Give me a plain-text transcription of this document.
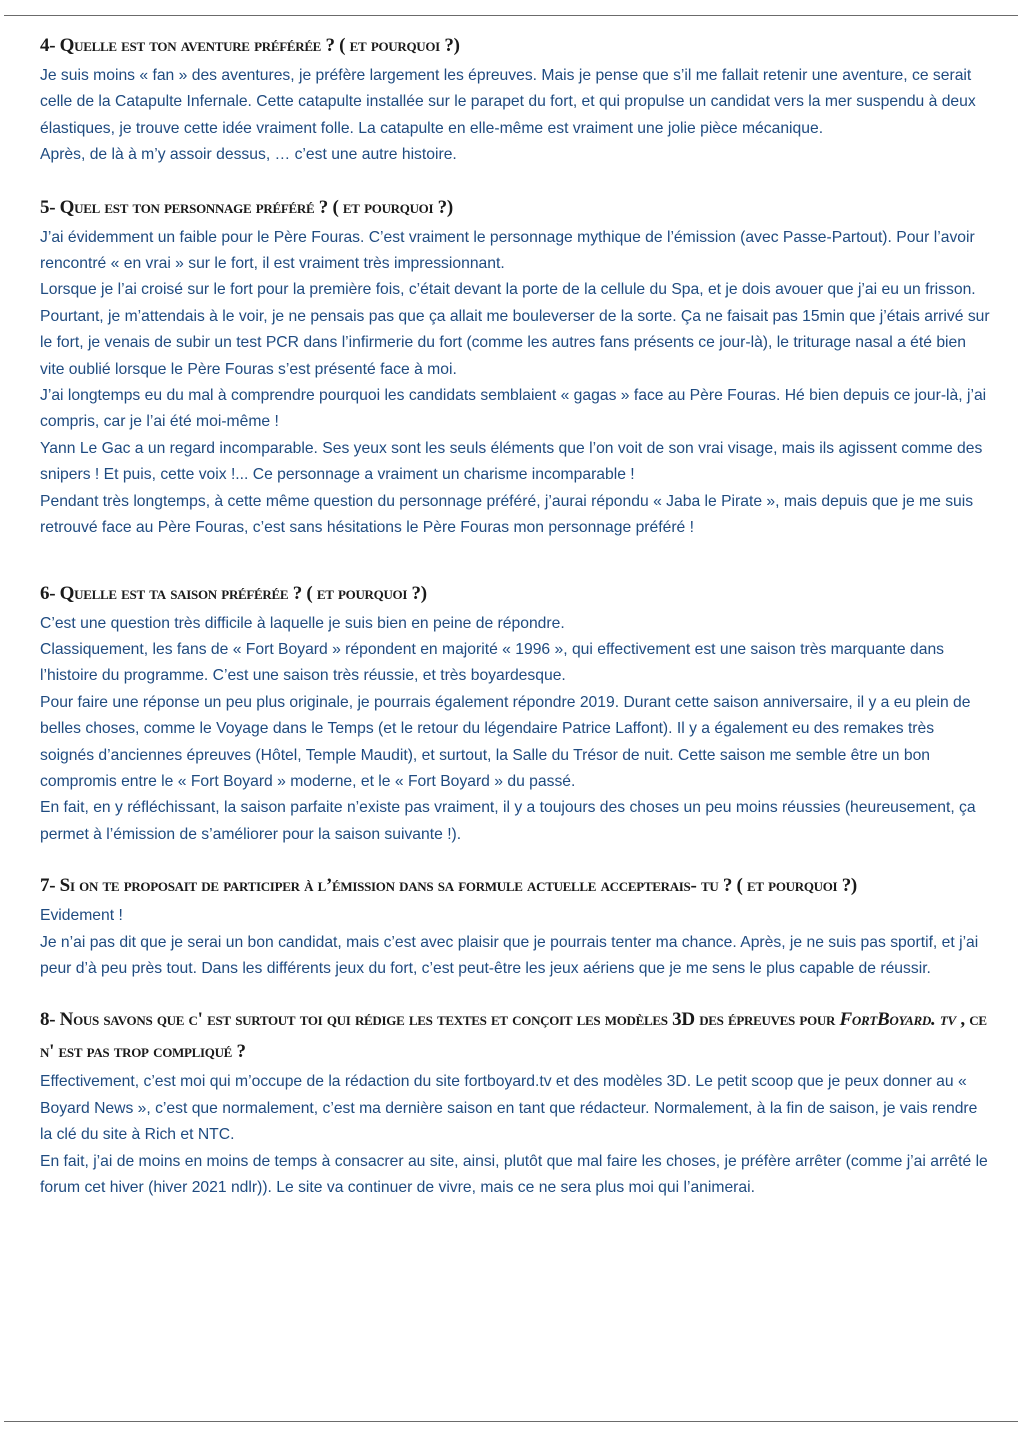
4- Quelle est ton aventure préférée ? ( et pourquoi ?)

Je suis moins « fan » des aventures, je préfère largement les épreuves. Mais je pense que s’il me fallait retenir une aventure, ce serait celle de la Catapulte Infernale. Cette catapulte installée sur le parapet du fort, et qui propulse un candidat vers la mer suspendu à deux élastiques, je trouve cette idée vraiment folle. La catapulte en elle-même est vraiment une jolie pièce mécanique.

Après, de là à m’y assoir dessus, … c’est une autre histoire.

5- Quel est ton personnage préféré ? ( et pourquoi ?)

J’ai évidemment un faible pour le Père Fouras. C’est vraiment le personnage mythique de l’émission (avec Passe-Partout). Pour l’avoir rencontré « en vrai » sur le fort, il est vraiment très impressionnant.

Lorsque je l’ai croisé sur le fort pour la première fois, c’était devant la porte de la cellule du Spa, et je dois avouer que j’ai eu un frisson. Pourtant, je m’attendais à le voir, je ne pensais pas que ça allait me bouleverser de la sorte. Ça ne faisait pas 15min que j’étais arrivé sur le fort, je venais de subir un test PCR dans l’infirmerie du fort (comme les autres fans présents ce jour-là), le triturage nasal a été bien vite oublié lorsque le Père Fouras s’est présenté face à moi.

J’ai longtemps eu du mal à comprendre pourquoi les candidats semblaient « gagas » face au Père Fouras. Hé bien depuis ce jour-là, j’ai compris, car je l’ai été moi-même !

Yann Le Gac a un regard incomparable. Ses yeux sont les seuls éléments que l’on voit de son vrai visage, mais ils agissent comme des snipers ! Et puis, cette voix !... Ce personnage a vraiment un charisme incomparable !

Pendant très longtemps, à cette même question du personnage préféré, j’aurai répondu « Jaba le Pirate », mais depuis que je me suis retrouvé face au Père Fouras, c’est sans hésitations le Père Fouras mon personnage préféré !

6- Quelle est ta saison préférée ? ( et pourquoi ?)

C’est une question très difficile à laquelle je suis bien en peine de répondre.

Classiquement, les fans de « Fort Boyard » répondent en majorité « 1996 », qui effectivement est une saison très marquante dans l’histoire du programme. C’est une saison très réussie, et très boyardesque.

Pour faire une réponse un peu plus originale, je pourrais également répondre 2019. Durant cette saison anniversaire, il y a eu plein de belles choses, comme le Voyage dans le Temps (et le retour du légendaire Patrice Laffont). Il y a également eu des remakes très soignés d’anciennes épreuves (Hôtel, Temple Maudit), et surtout, la Salle du Trésor de nuit. Cette saison me semble être un bon compromis entre le « Fort Boyard » moderne, et le « Fort Boyard » du passé.

En fait, en y réfléchissant, la saison parfaite n’existe pas vraiment, il y a toujours des choses un peu moins réussies (heureusement, ça permet à l’émission de s’améliorer pour la saison suivante !).

7- Si on te proposait de participer à l’émission dans sa formule actuelle accepterais- tu ? ( et pourquoi ?)

Evidement !

Je n’ai pas dit que je serai un bon candidat, mais c’est avec plaisir que je pourrais tenter ma chance. Après, je ne suis pas sportif, et j’ai peur d’à peu près tout. Dans les différents jeux du fort, c’est peut-être les jeux aériens que je me sens le plus capable de réussir.

8- Nous savons que c' est surtout toi qui rédige les textes et conçoit les modèles 3D des épreuves pour FortBoyard. tv , ce n' est pas trop compliqué ?

Effectivement, c’est moi qui m’occupe de la rédaction du site fortboyard.tv et des modèles 3D. Le petit scoop que je peux donner au « Boyard News », c’est que normalement, c’est ma dernière saison en tant que rédacteur. Normalement, à la fin de saison, je vais rendre la clé du site à Rich et NTC.

En fait, j’ai de moins en moins de temps à consacrer au site, ainsi, plutôt que mal faire les choses, je préfère arrêter (comme j’ai arrêté le forum cet hiver (hiver 2021 ndlr)). Le site va continuer de vivre, mais ce ne sera plus moi qui l’animerai.
